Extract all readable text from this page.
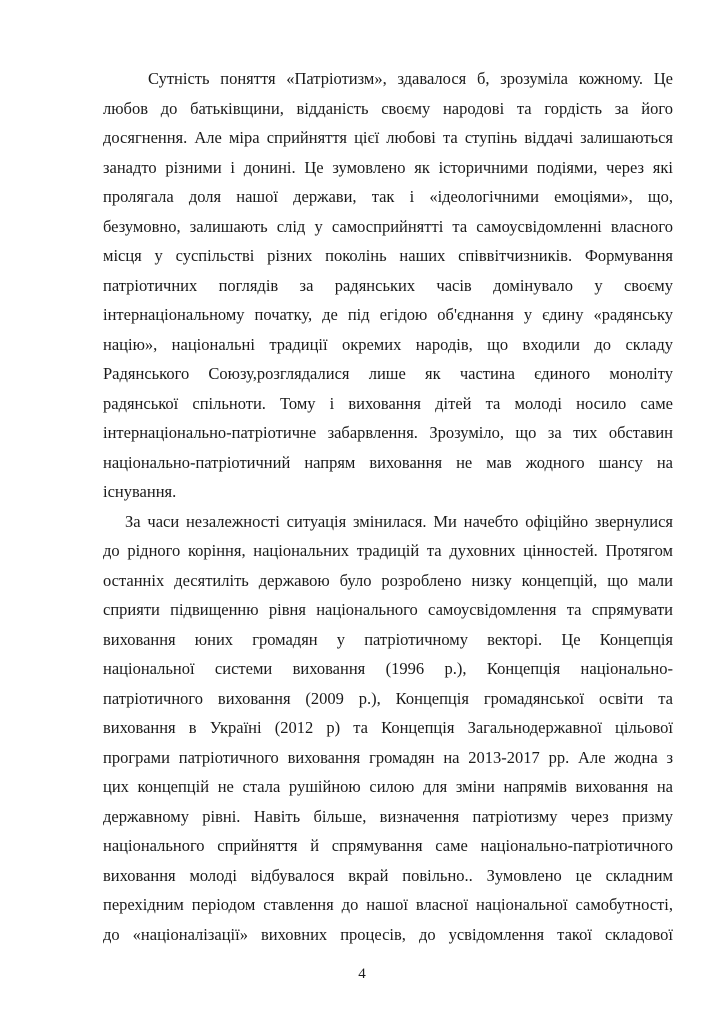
Сутність поняття «Патріотизм», здавалося б, зрозуміла кожному. Це
любов до батьківщини, відданість своєму народові та гордість за його
досягнення. Але міра сприйняття цієї любові та ступінь віддачі залишаються
занадто різними і донині. Це зумовлено як історичними подіями, через які
пролягала доля нашої держави, так і «ідеологічними емоціями», що,
безумовно, залишають слід у самосприйнятті та самоусвідомленні власного
місця у суспільстві різних поколінь наших співвітчизників. Формування
патріотичних поглядів за радянських часів домінувало у своєму
інтернаціональному початку, де під егідою об'єднання у єдину «радянську
націю», національні традиції окремих народів, що входили до складу
Радянського Союзу,розглядалися лише як частина єдиного моноліту
радянської спільноти. Тому і виховання дітей та молоді носило саме
інтернаціонально-патріотичне забарвлення. Зрозуміло, що за тих обставин
національно-патріотичний напрям виховання не мав жодного шансу на
існування.
За часи незалежності ситуація змінилася. Ми начебто офіційно звернулися
до рідного коріння, національних традицій та духовних цінностей. Протягом
останніх десятиліть державою було розроблено низку концепцій, що мали
сприяти підвищенню рівня національного самоусвідомлення та спрямувати
виховання юних громадян у патріотичному векторі. Це Концепція
національної системи виховання (1996 р.), Концепція національно-
патріотичного виховання (2009 р.), Концепція громадянської освіти та
виховання в Україні (2012 р) та Концепція Загальнодержавної цільової
програми патріотичного виховання громадян на 2013-2017 рр. Але жодна з
цих концепцій не стала рушійною силою для зміни напрямів виховання на
державному рівні. Навіть більше, визначення патріотизму через призму
національного сприйняття й спрямування саме національно-патріотичного
виховання молоді відбувалося вкрай повільно.. Зумовлено це складним
перехідним періодом ставлення до нашої власної національної самобутності,
до «націоналізації» виховних процесів, до усвідомлення такої складової
4
